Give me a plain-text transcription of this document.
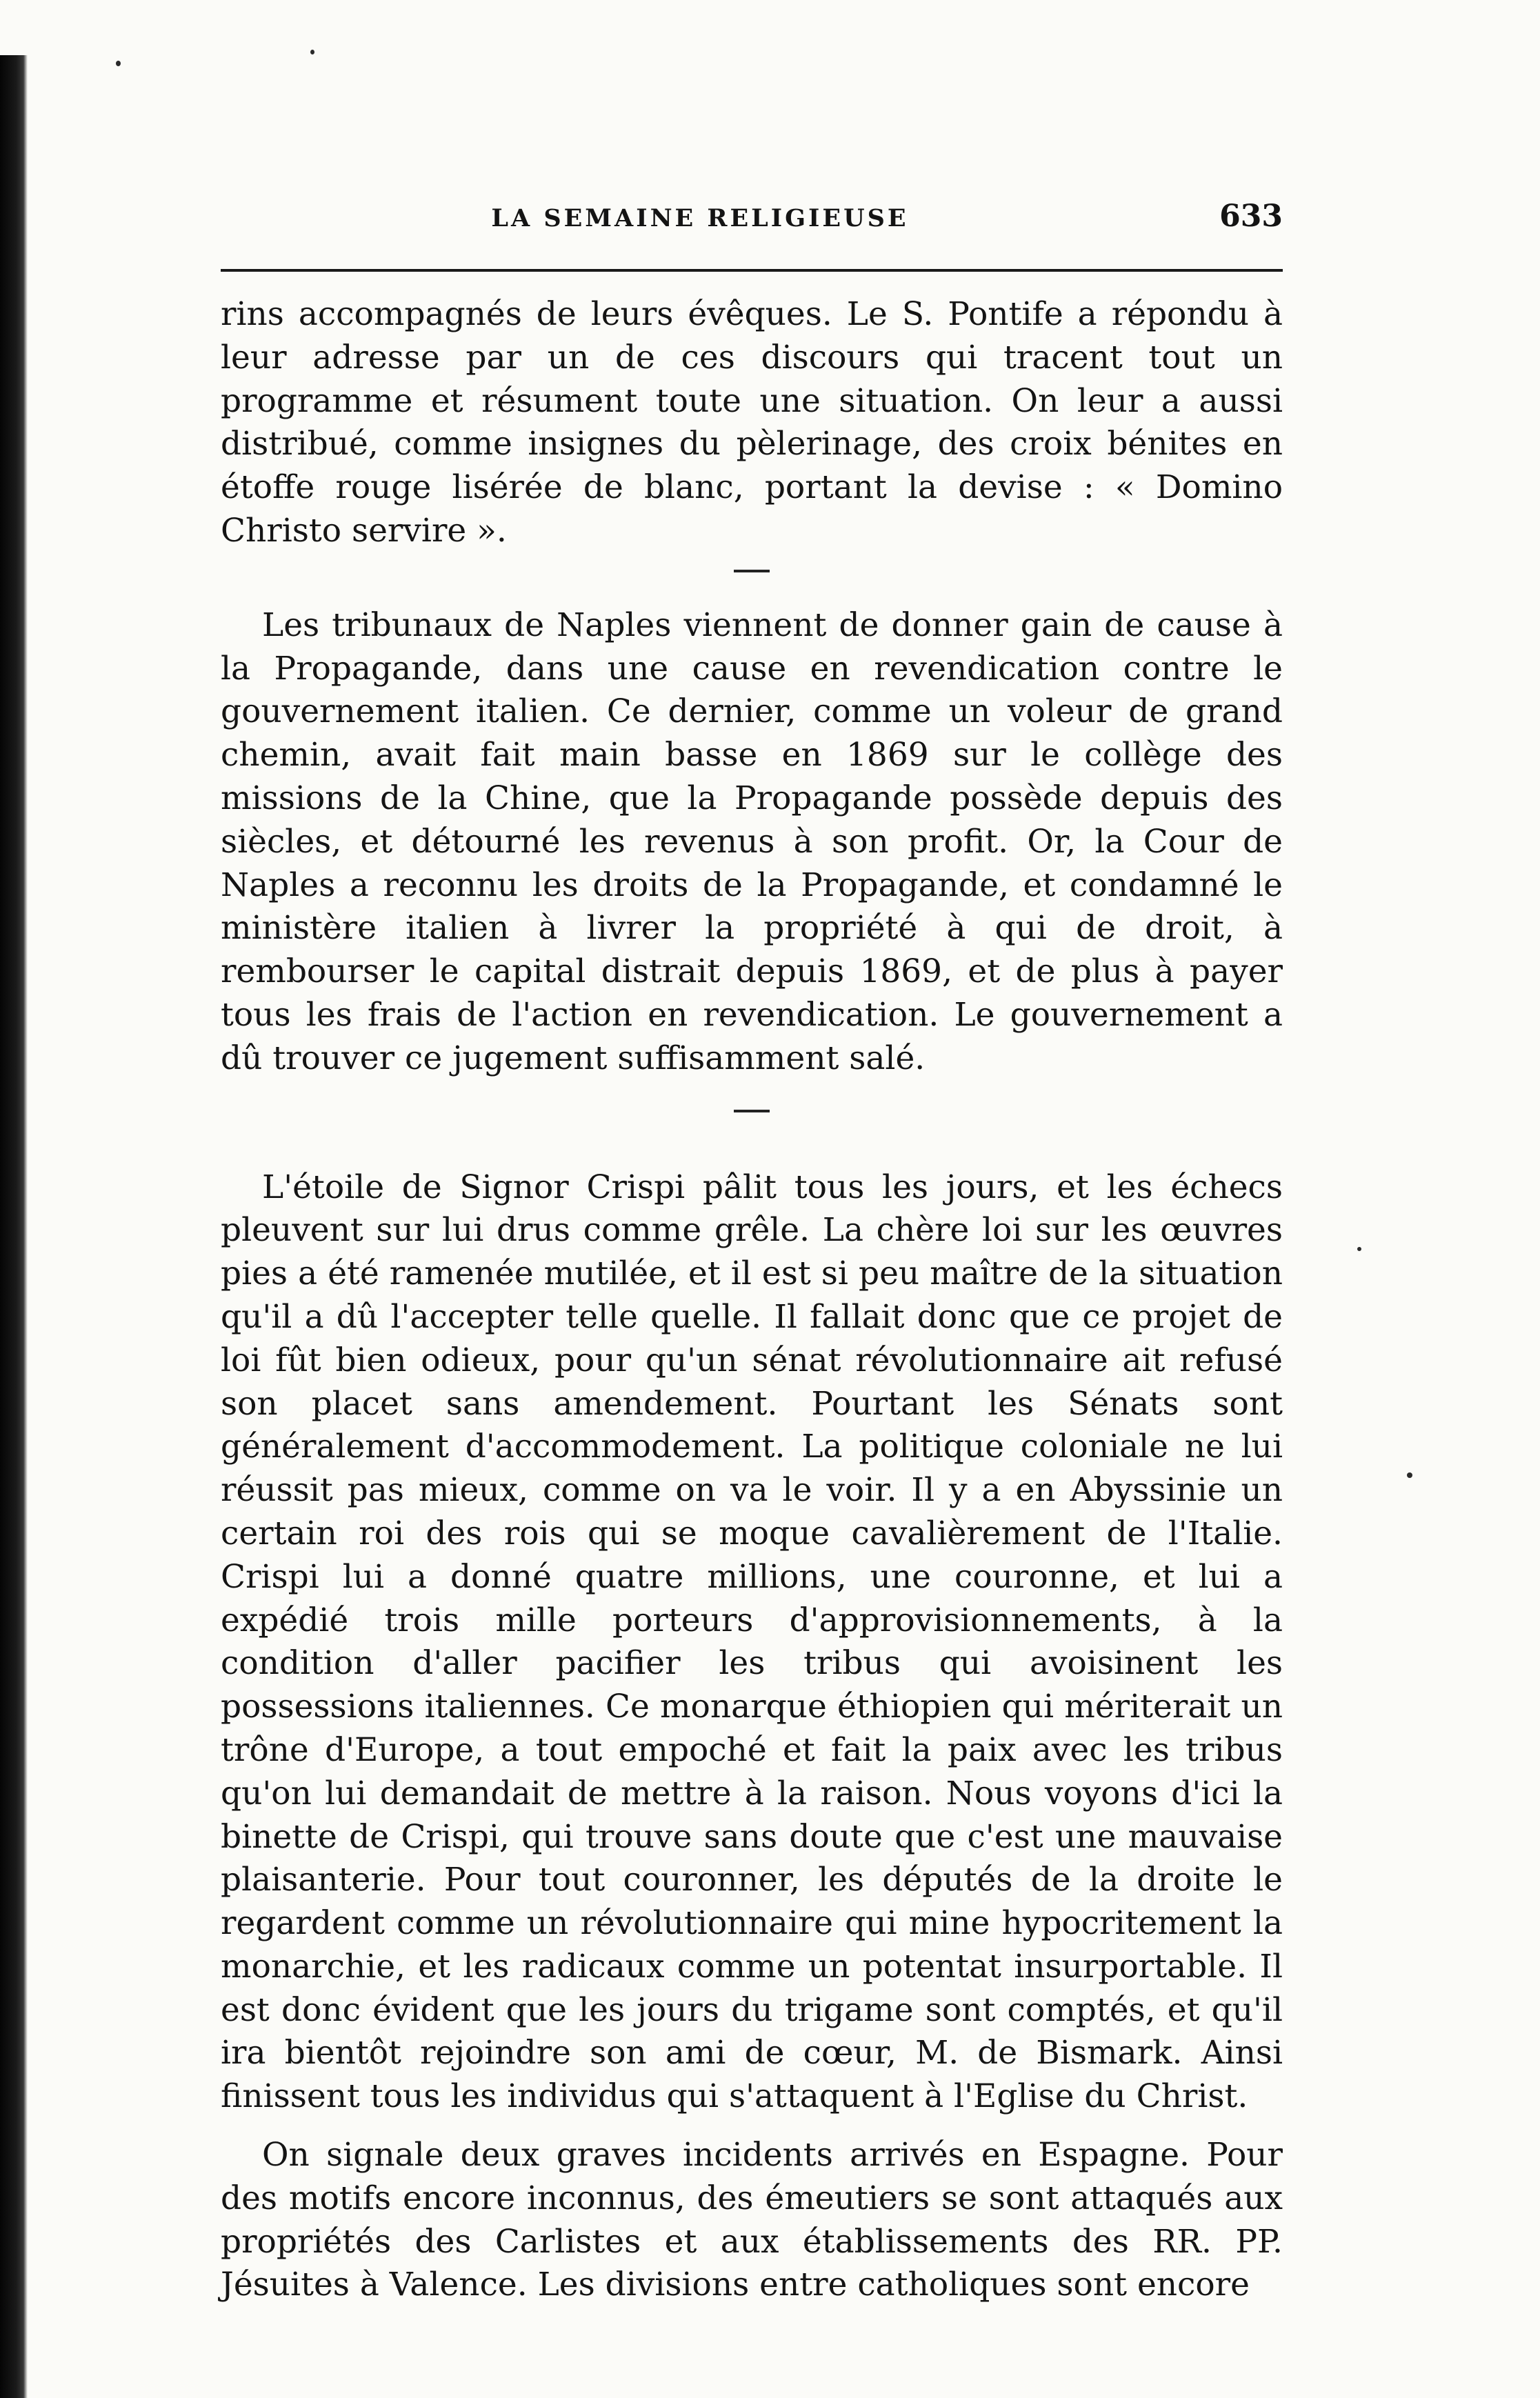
LA SEMAINE RELIGIEUSE	633

rins accompagnés de leurs évêques. Le S. Pontife a répondu à leur adresse par un de ces discours qui tracent tout un programme et résument toute une situation. On leur a aussi distribué, comme insignes du pèlerinage, des croix bénites en étoffe rouge lisérée de blanc, portant la devise : « Domino Christo servire ».

Les tribunaux de Naples viennent de donner gain de cause à la Propagande, dans une cause en revendication contre le gouvernement italien. Ce dernier, comme un voleur de grand chemin, avait fait main basse en 1869 sur le collège des missions de la Chine, que la Propagande possède depuis des siècles, et détourné les revenus à son profit. Or, la Cour de Naples a reconnu les droits de la Propagande, et condamné le ministère italien à livrer la propriété à qui de droit, à rembourser le capital distrait depuis 1869, et de plus à payer tous les frais de l'action en revendication. Le gouvernement a dû trouver ce jugement suffisamment salé.

L'étoile de Signor Crispi pâlit tous les jours, et les échecs pleuvent sur lui drus comme grêle. La chère loi sur les œuvres pies a été ramenée mutilée, et il est si peu maître de la situation qu'il a dû l'accepter telle quelle. Il fallait donc que ce projet de loi fût bien odieux, pour qu'un sénat révolutionnaire ait refusé son placet sans amendement. Pourtant les Sénats sont généralement d'accommodement. La politique coloniale ne lui réussit pas mieux, comme on va le voir. Il y a en Abyssinie un certain roi des rois qui se moque cavalièrement de l'Italie. Crispi lui a donné quatre millions, une couronne, et lui a expédié trois mille porteurs d'approvisionnements, à la condition d'aller pacifier les tribus qui avoisinent les possessions italiennes. Ce monarque éthiopien qui mériterait un trône d'Europe, a tout empoché et fait la paix avec les tribus qu'on lui demandait de mettre à la raison. Nous voyons d'ici la binette de Crispi, qui trouve sans doute que c'est une mauvaise plaisanterie. Pour tout couronner, les députés de la droite le regardent comme un révolutionnaire qui mine hypocritement la monarchie, et les radicaux comme un potentat insurportable. Il est donc évident que les jours du trigame sont comptés, et qu'il ira bientôt rejoindre son ami de cœur, M. de Bismark. Ainsi finissent tous les individus qui s'attaquent à l'Eglise du Christ.

On signale deux graves incidents arrivés en Espagne. Pour des motifs encore inconnus, des émeutiers se sont attaqués aux propriétés des Carlistes et aux établissements des RR. PP. Jésuites à Valence. Les divisions entre catholiques sont encore
